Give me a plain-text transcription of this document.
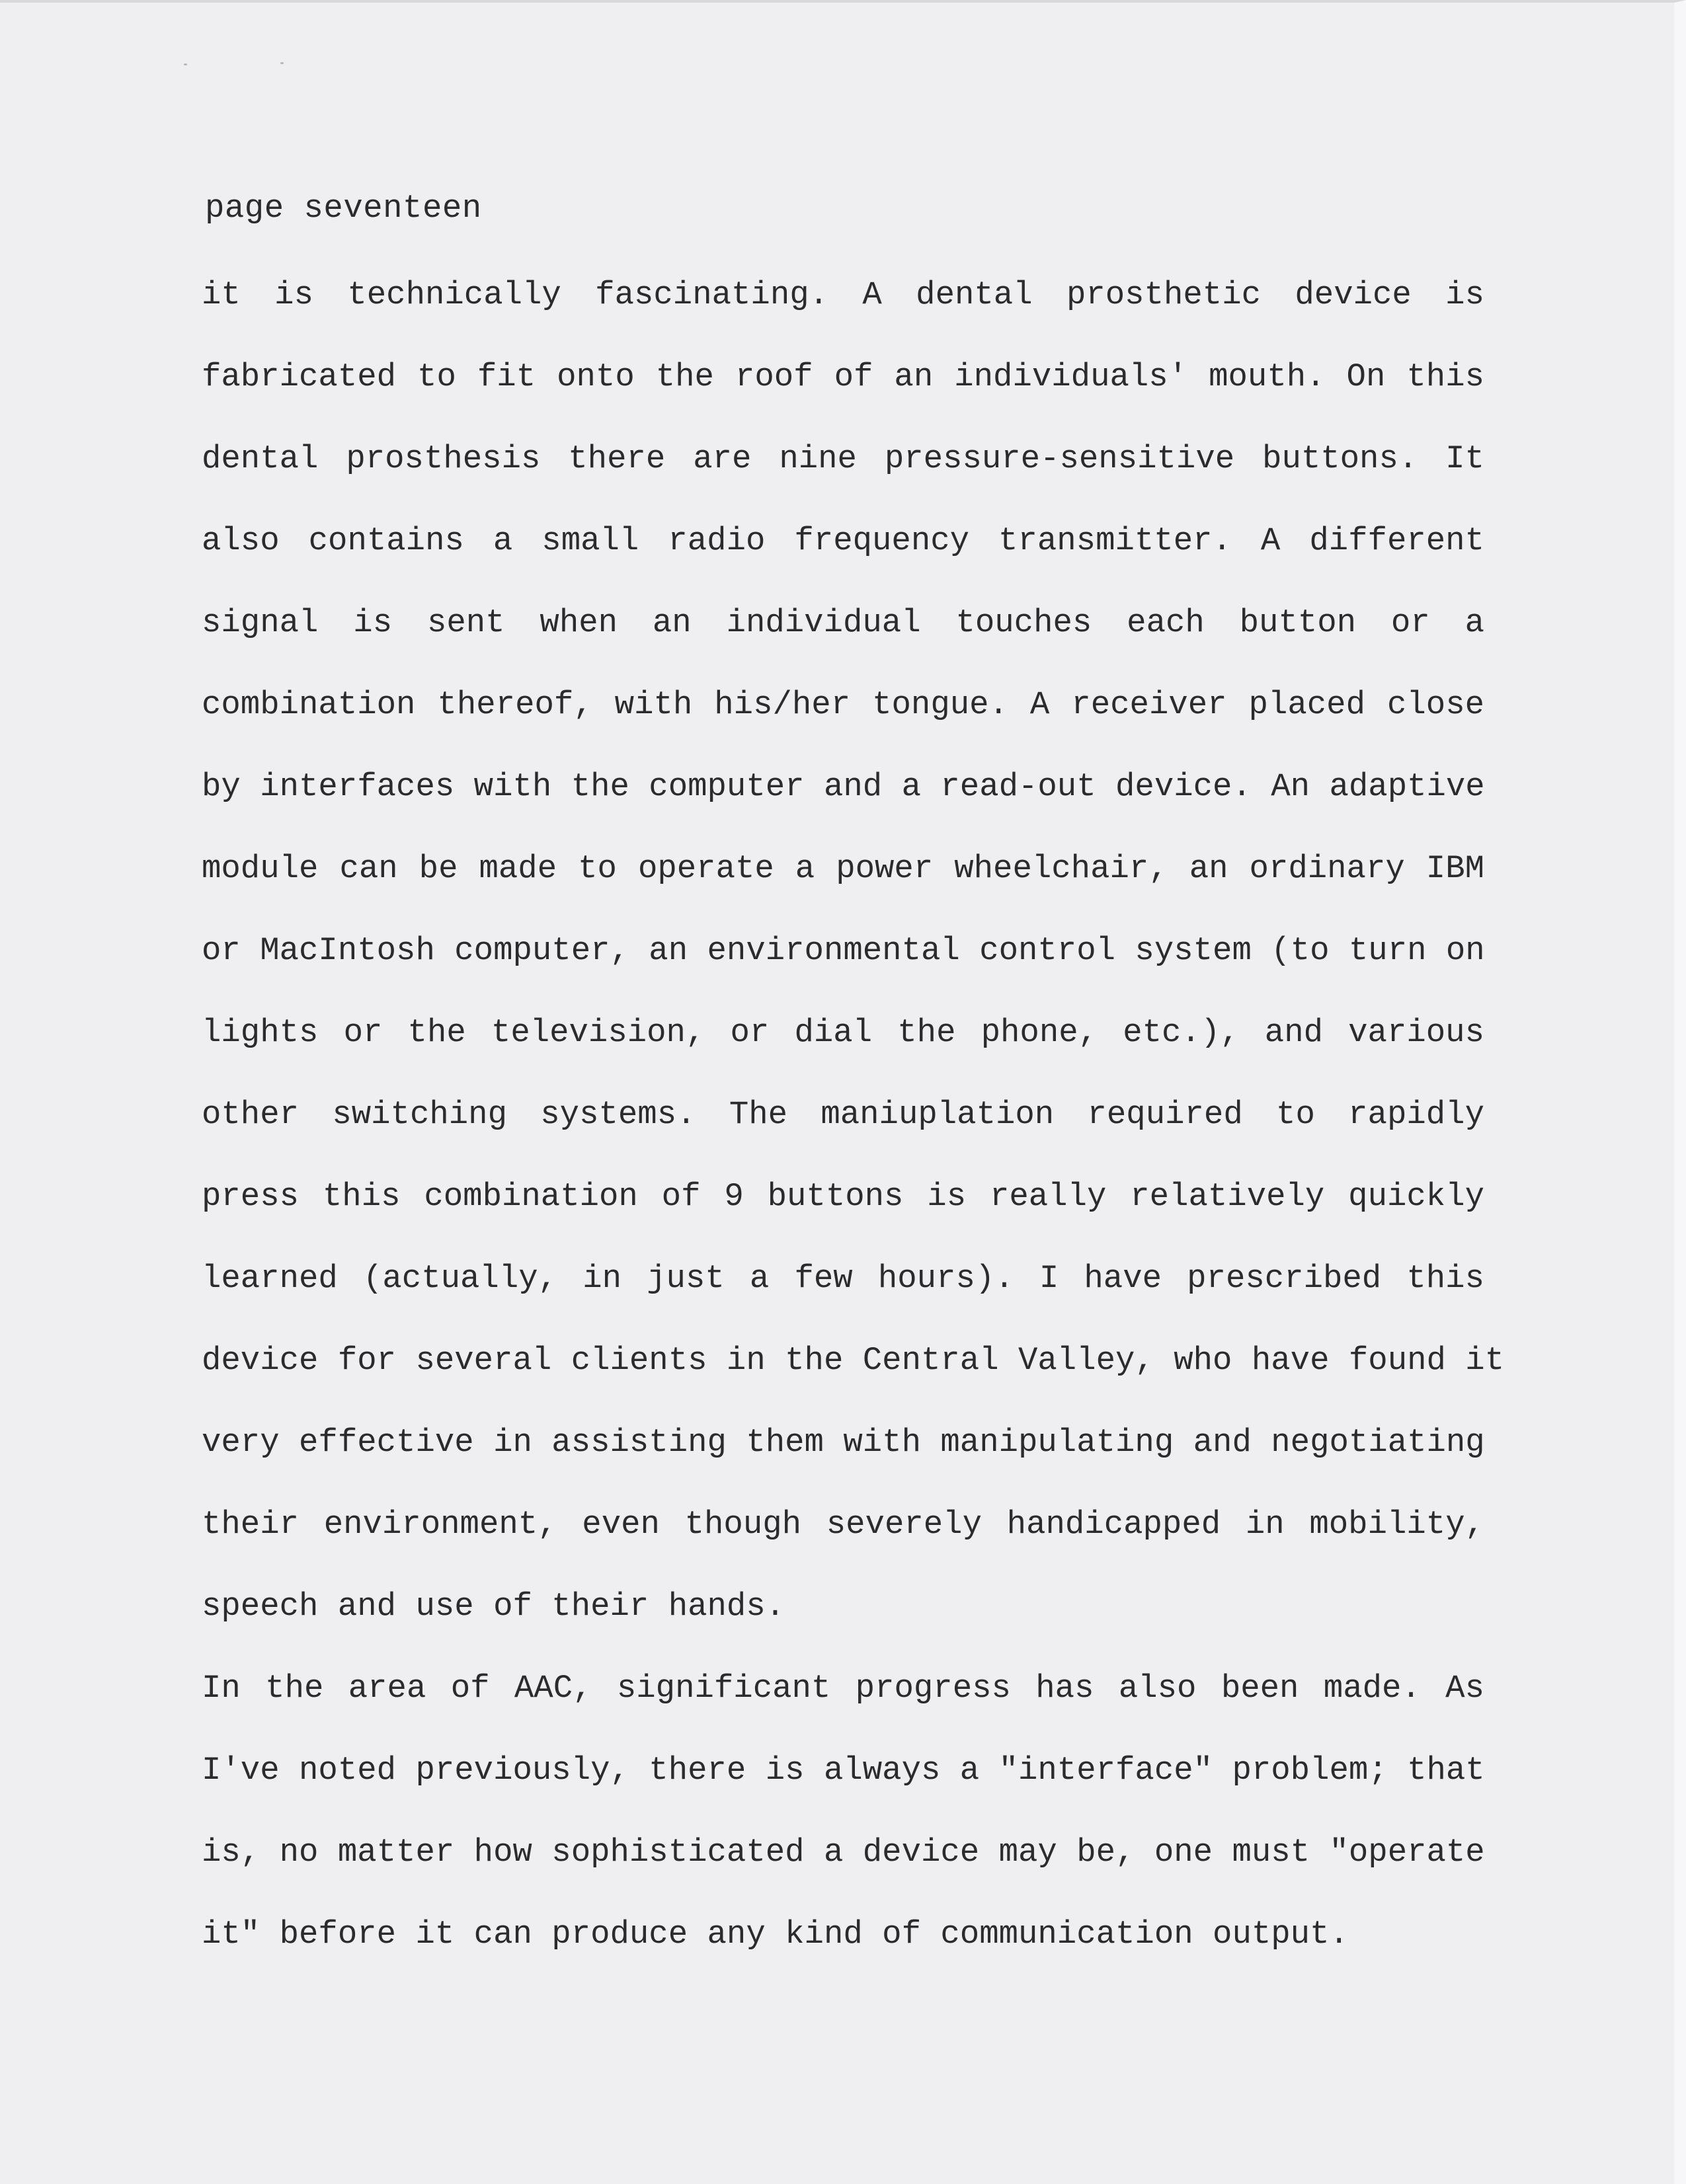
page seventeen
it is technically fascinating. A dental prosthetic device is
fabricated to fit onto the roof of an individuals' mouth. On this
dental prosthesis there are nine pressure-sensitive buttons. It
also contains a small radio frequency transmitter. A different
signal is sent when an individual touches each button or a
combination thereof, with his/her tongue. A receiver placed close
by interfaces with the computer and a read-out device. An adaptive
module can be made to operate a power wheelchair, an ordinary IBM
or MacIntosh computer, an environmental control system (to turn on
lights or the television, or dial the phone, etc.), and various
other switching systems. The maniuplation required to rapidly
press this combination of 9 buttons is really relatively quickly
learned (actually, in just a few hours). I have prescribed this
device for several clients in the Central Valley, who have found it
very effective in assisting them with manipulating and negotiating
their environment, even though severely handicapped in mobility,
speech and use of their hands.
In the area of AAC, significant progress has also been made. As
I've noted previously, there is always a "interface" problem; that
is, no matter how sophisticated a device may be, one must "operate
it" before it can produce any kind of communication output.
